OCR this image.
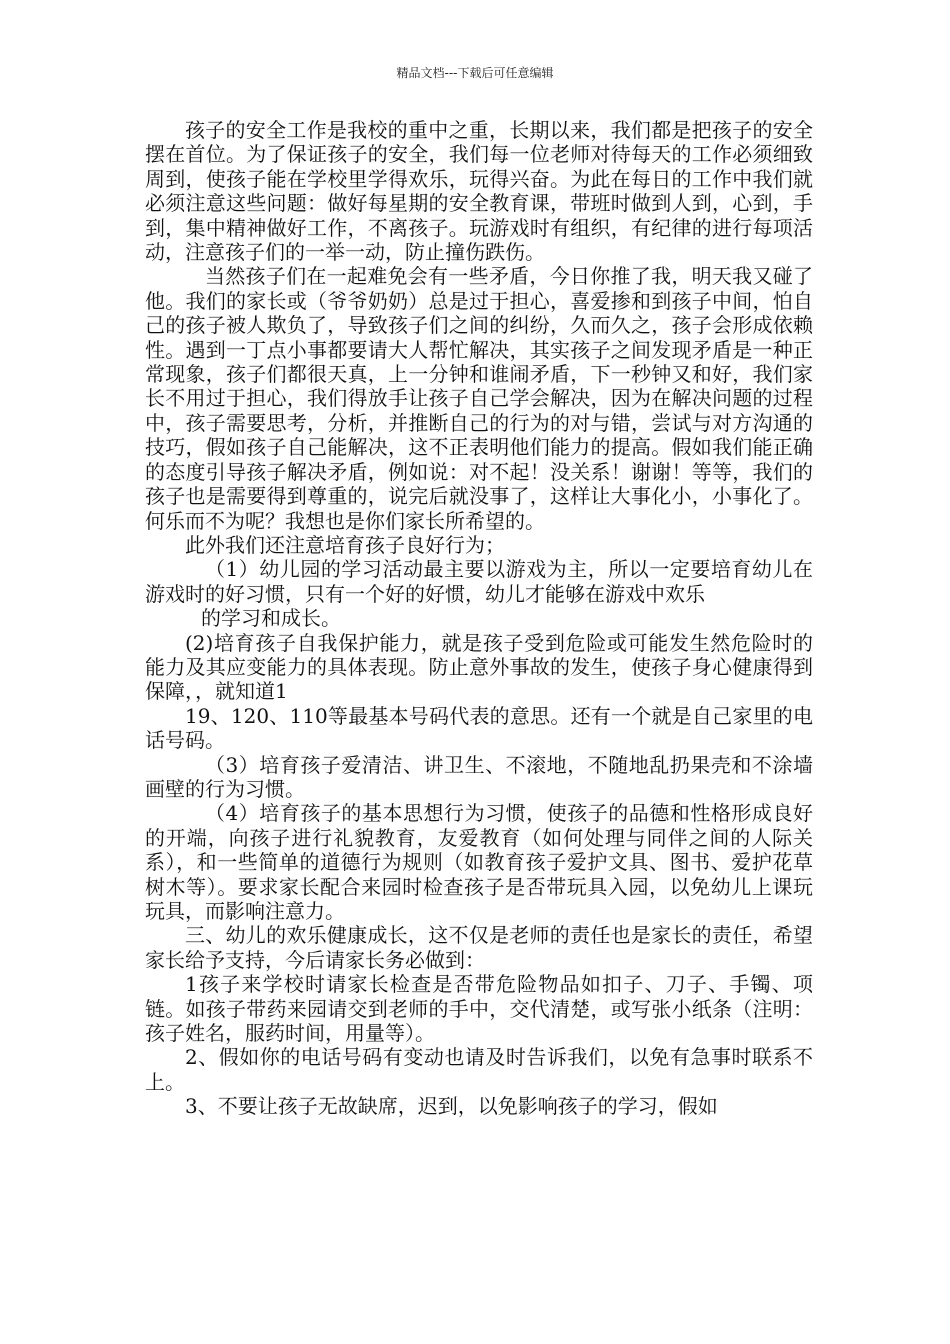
精品文档---下载后可任意编辑

孩子的安全工作是我校的重中之重，长期以来，我们都是把孩子的安全摆在首位。为了保证孩子的安全，我们每一位老师对待每天的工作必须细致周到，使孩子能在学校里学得欢乐，玩得兴奋。为此在每日的工作中我们就必须注意这些问题：做好每星期的安全教育课，带班时做到人到，心到，手到，集中精神做好工作，不离孩子。玩游戏时有组织，有纪律的进行每项活动，注意孩子们的一举一动，防止撞伤跌伤。

当然孩子们在一起难免会有一些矛盾，今日你推了我，明天我又碰了他。我们的家长或（爷爷奶奶）总是过于担心，喜爱掺和到孩子中间，怕自己的孩子被人欺负了，导致孩子们之间的纠纷，久而久之，孩子会形成依赖性。遇到一丁点小事都要请大人帮忙解决，其实孩子之间发现矛盾是一种正常现象，孩子们都很天真，上一分钟和谁闹矛盾，下一秒钟又和好，我们家长不用过于担心，我们得放手让孩子自己学会解决，因为在解决问题的过程中，孩子需要思考，分析，并推断自己的行为的对与错，尝试与对方沟通的技巧，假如孩子自己能解决，这不正表明他们能力的提高。假如我们能正确的态度引导孩子解决矛盾，例如说：对不起！没关系！谢谢！等等，我们的孩子也是需要得到尊重的，说完后就没事了，这样让大事化小，小事化了。何乐而不为呢？我想也是你们家长所希望的。

此外我们还注意培育孩子良好行为；

（1）幼儿园的学习活动最主要以游戏为主，所以一定要培育幼儿在游戏时的好习惯，只有一个好的好惯，幼儿才能够在游戏中欢乐

的学习和成长。

(2)培育孩子自我保护能力，就是孩子受到危险或可能发生然危险时的能力及其应变能力的具体表现。防止意外事故的发生，使孩子身心健康得到保障，，就知道1

19、120、110等最基本号码代表的意思。还有一个就是自己家里的电话号码。

（3）培育孩子爱清洁、讲卫生、不滚地，不随地乱扔果壳和不涂墙画壁的行为习惯。

（4）培育孩子的基本思想行为习惯，使孩子的品德和性格形成良好的开端，向孩子进行礼貌教育，友爱教育（如何处理与同伴之间的人际关系），和一些简单的道德行为规则（如教育孩子爱护文具、图书、爱护花草树木等）。要求家长配合来园时检查孩子是否带玩具入园，以免幼儿上课玩玩具，而影响注意力。

三、幼儿的欢乐健康成长，这不仅是老师的责任也是家长的责任，希望家长给予支持，今后请家长务必做到：

1孩子来学校时请家长检查是否带危险物品如扣子、刀子、手镯、项链。如孩子带药来园请交到老师的手中，交代清楚，或写张小纸条（注明：孩子姓名，服药时间，用量等）。

2、假如你的电话号码有变动也请及时告诉我们，以免有急事时联系不上。

3、不要让孩子无故缺席，迟到，以免影响孩子的学习，假如
